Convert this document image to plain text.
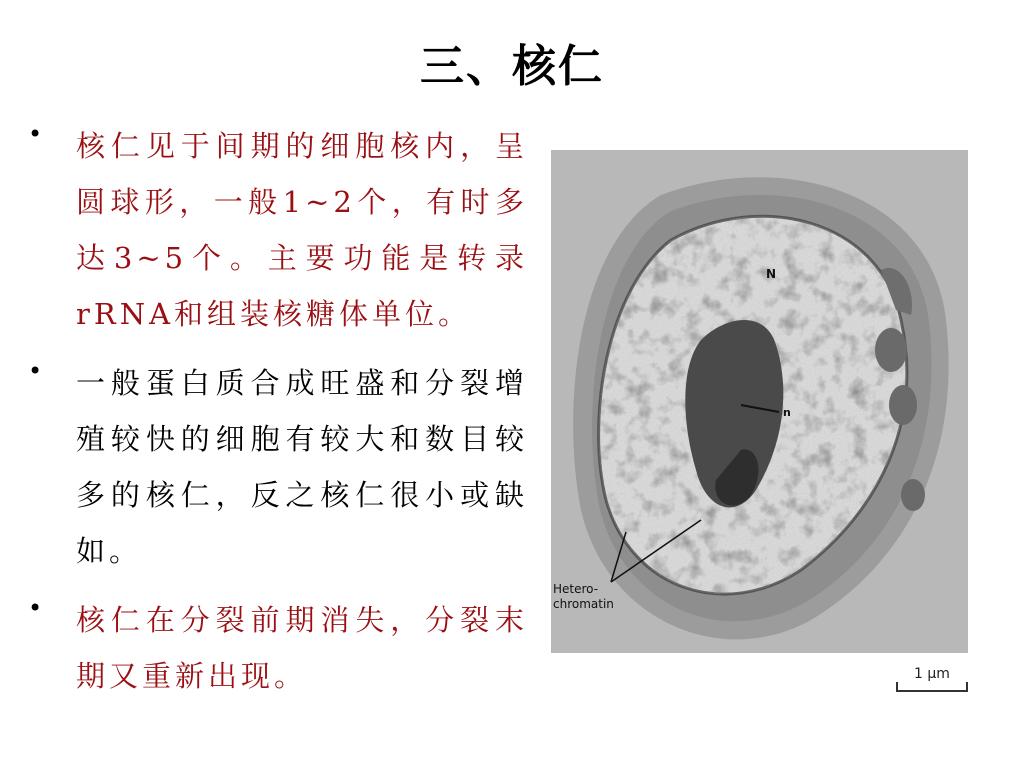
三、核仁
• 核仁见于间期的细胞核内，呈圆球形，一般1~2个，有时多达3~5个。主要功能是转录rRNA和组装核糖体单位。
• 一般蛋白质合成旺盛和分裂增殖较快的细胞有较大和数目较多的核仁，反之核仁很小或缺如。
• 核仁在分裂前期消失，分裂末期又重新出现。
N
n
Hetero-
chromatin
1 μm
